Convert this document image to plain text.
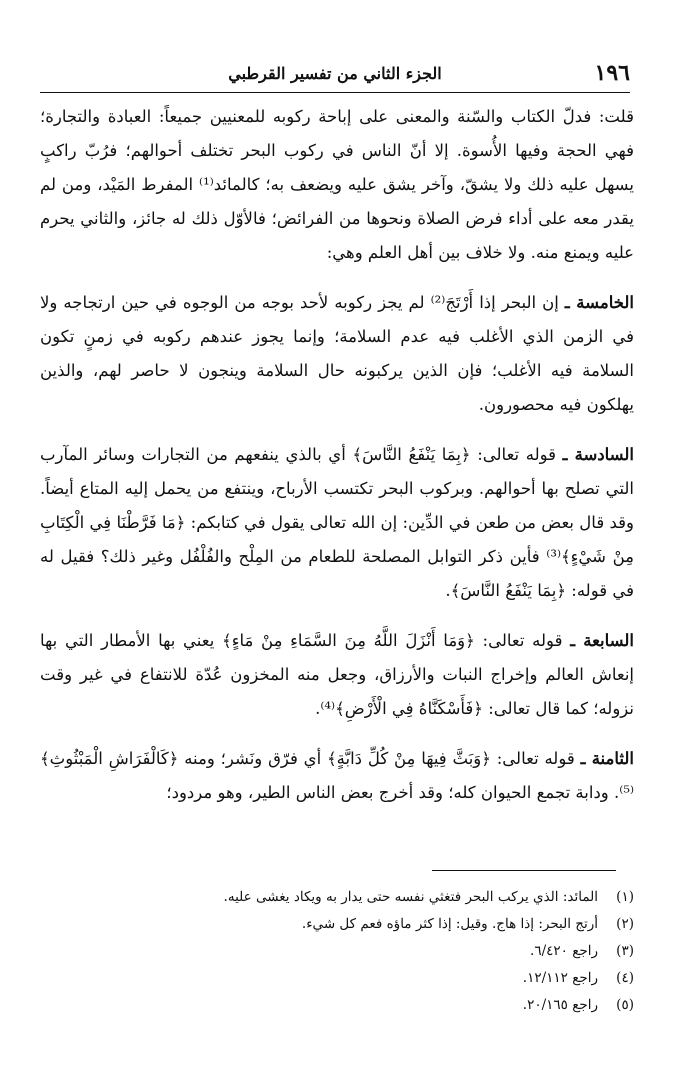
١٩٦
الجزء الثاني من تفسير القرطبي

قلت: فدلّ الكتاب والسّنة والمعنى على إباحة ركوبه للمعنيين جميعاً: العبادة والتجارة؛ فهي الحجة وفيها الأُسوة. إلا أنّ الناس في ركوب البحر تختلف أحوالهم؛ فرُبّ راكبٍ يسهل عليه ذلك ولا يشقّ، وآخر يشق عليه ويضعف به؛ كالمائد⁽¹⁾ المفرط المَيْد، ومن لم يقدر معه على أداء فرض الصلاة ونحوها من الفرائض؛ فالأوّل ذلك له جائز، والثاني يحرم عليه ويمنع منه. ولا خلاف بين أهل العلم وهي:

الخامسة ـ إن البحر إذا أَرْتَجَ⁽²⁾ لم يجز ركوبه لأحد بوجه من الوجوه في حين ارتجاجه ولا في الزمن الذي الأغلب فيه عدم السلامة؛ وإنما يجوز عندهم ركوبه في زمنٍ تكون السلامة فيه الأغلب؛ فإن الذين يركبونه حال السلامة وينجون لا حاصر لهم، والذين يهلكون فيه محصورون.

السادسة ـ قوله تعالى: ﴿بِمَا يَنْفَعُ النَّاسَ﴾ أي بالذي ينفعهم من التجارات وسائر المآرب التي تصلح بها أحوالهم. وبركوب البحر تكتسب الأرباح، وينتفع من يحمل إليه المتاع أيضاً. وقد قال بعض من طعن في الدِّين: إن الله تعالى يقول في كتابكم: ﴿مَا فَرَّطْنَا فِي الْكِتَابِ مِنْ شَيْءٍ﴾⁽³⁾ فأين ذكر التوابل المصلحة للطعام من المِلْح والفُلْفُل وغير ذلك؟ فقيل له في قوله: ﴿بِمَا يَنْفَعُ النَّاسَ﴾.

السابعة ـ قوله تعالى: ﴿وَمَا أَنْزَلَ اللَّهُ مِنَ السَّمَاءِ مِنْ مَاءٍ﴾ يعني بها الأمطار التي بها إنعاش العالم وإخراج النبات والأرزاق، وجعل منه المخزون عُدّة للانتفاع في غير وقت نزوله؛ كما قال تعالى: ﴿فَأَسْكَنَّاهُ فِي الْأَرْضِ﴾⁽⁴⁾.

الثامنة ـ قوله تعالى: ﴿وَبَثَّ فِيهَا مِنْ كُلِّ دَابَّةٍ﴾ أي فرّق ونَشر؛ ومنه ﴿كَالْفَرَاشِ الْمَبْثُوثِ﴾⁽⁵⁾. ودابة تجمع الحيوان كله؛ وقد أخرج بعض الناس الطير، وهو مردود؛

(١)
المائد: الذي يركب البحر فتغثي نفسه حتى يدار به ويكاد يغشى عليه.
(٢)
أرتج البحر: إذا هاج. وقيل: إذا كثر ماؤه فعم كل شيء.
(٣)
راجع ٦/٤٢٠.
(٤)
راجع ١٢/١١٢.
(٥)
راجع ٢٠/١٦٥.
